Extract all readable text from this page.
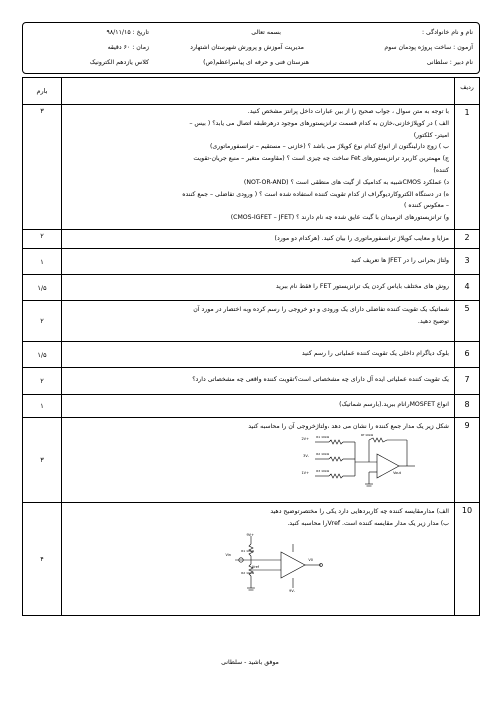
نام و نام خانوادگی :
بسمه تعالی
تاریخ : ۹۸/۱۱/۱۵
آزمون : ساخت پروژه پودمان سوم
مدیریت آموزش و پرورش شهرستان اشتهارد
زمان : ۶۰ دقیقه
نام دبیر : سلطانی
هنرستان فنی و حرفه ای پیامبراعظم(ص)
کلاس یازدهم الکترونیک
ردیف
بارم
1
۳	با توجه به متن سوال ، جواب صحیح را از بین عبارات داخل پرانتز مشخص کنید.

الف ) در کوپلاژخازنی،خازن به کدام قسمت ترانزیستورهای موجود درهرطبقه اتصال می یابد؟ ( بیس –

امیتر- کلکتور)

ب ) زوج دارلینگتون از انواع کدام نوع کوپلاژ می باشد ؟ (خازنی – مستقیم – ترانسفورماتوری)

ج) مهمترین کاربرد ترانزیستورهای Fet ساخت چه چیزی است ؟ (مقاومت متغیر – منبع جریان-تقویت

کننده)

د) عملکرد CMOSشبیه به کدامیک از گیت های منطقی است ؟ (NOT-OR-AND)

ه) در دستگاه الکتروکاردیوگراف از کدام تقویت کننده استفاده شده است ؟ ( ورودی تفاضلی – جمع کننده

– معکوس کننده )

و) ترانزیستورهای اثرمیدان با گیت عایق شده چه نام دارند ؟ (CMOS-IGFET – JFET)

2
۲	مزایا و معایب کوپلاژ ترانسفورماتوری را بیان کنید. (هرکدام دو مورد)

3
۱	ولتاژ بحرانی را در JFET ها تعریف کنید

4
۱/۵	روش های مختلف بایاس کردن یک ترانزیستور FET را فقط نام ببرید

5
۲

شماتیک یک تقویت کننده تفاضلی دارای یک ورودی و دو خروجی را رسم کرده وبه اختصار در مورد آن

توضیح دهید.

6
۱/۵	بلوک دیاگرام داخلی یک تقویت کننده عملیاتی را رسم کنید

7
۲	یک تقویت کننده عملیاتی ایده آل دارای چه مشخصاتی است؟تقویت کننده واقعی چه مشخصاتی دارد؟

8
۱	انواع MOSFETرانام ببرید.(بارسم شماتیک)

9
۳

شکل زیر یک مدار جمع کننده را نشان می دهد ،ولتاژخروجی آن را محاسبه کنید

+2V
-3V
+1V
R1 10kΩ
R2 10kΩ
R3 10kΩ
Rf 10kΩ
Vout
10
۴

الف) مدارمقایسه کننده چه کاربردهایی دارد یکی را مختصرتوضیح دهید

ب) مدار زیر یک مدار مقایسه کننده است. Vrefرا محاسبه کنید.

+9V
R1 10kΩ
R2 10kΩ
Vin
Vref
V0
-9V
موفق باشید - سلطانی
